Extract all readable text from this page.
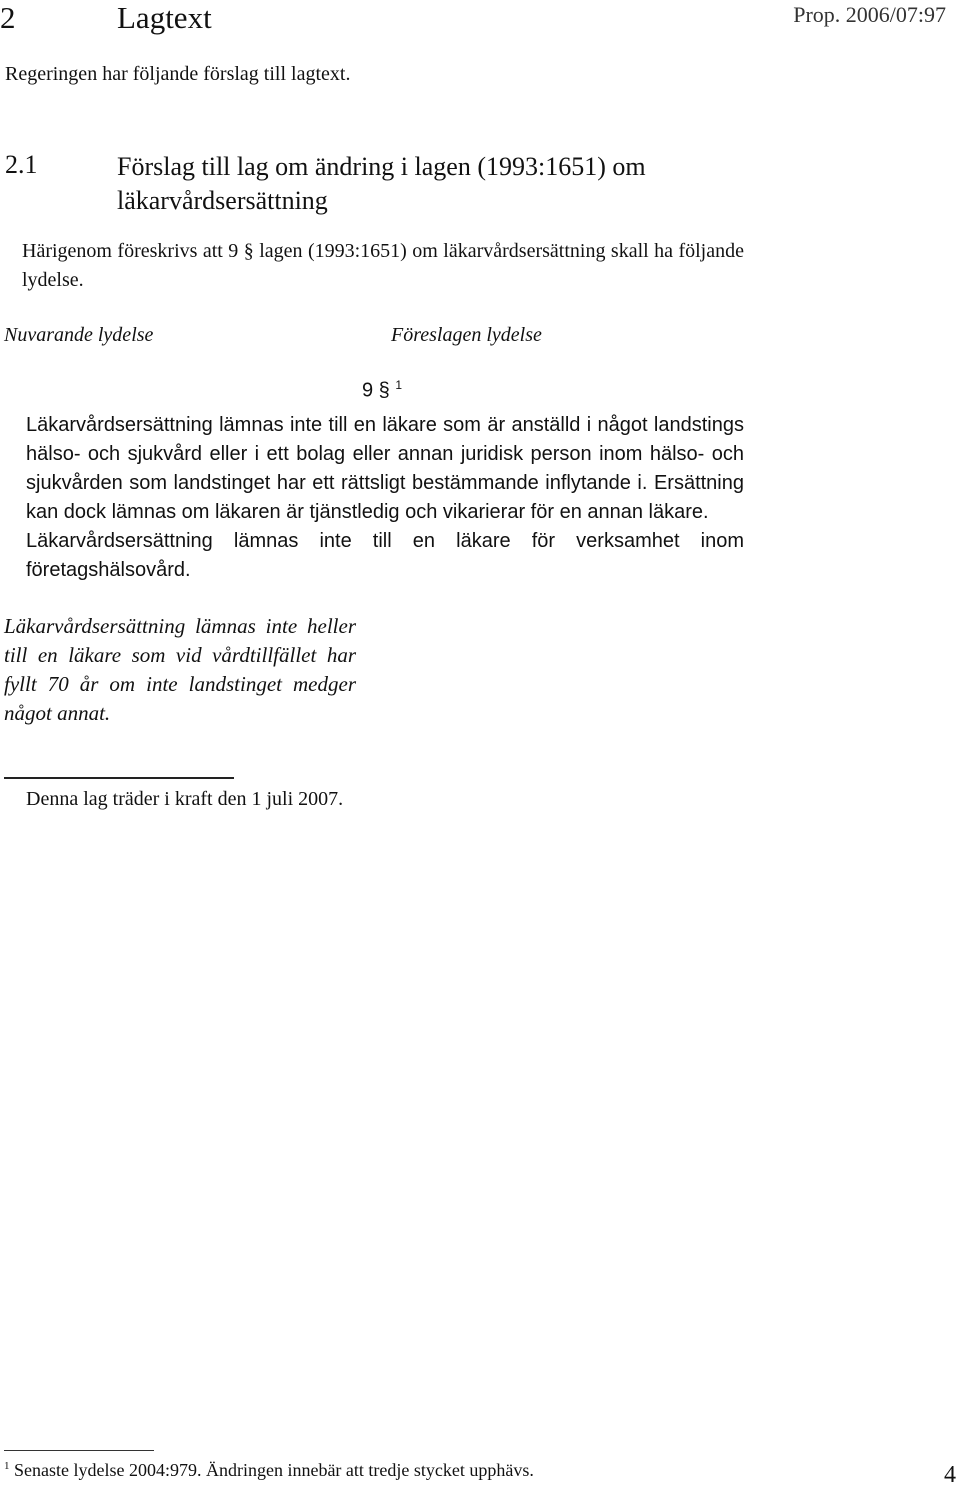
2	Lagtext	Prop. 2006/07:97
Regeringen har följande förslag till lagtext.
2.1	Förslag till lag om ändring i lagen (1993:1651) om läkarvårdsersättning
Härigenom föreskrivs att 9 § lagen (1993:1651) om läkarvårdsersättning skall ha följande lydelse.
Nuvarande lydelse	Föreslagen lydelse
9 § $^1$
Läkarvårdsersättning lämnas inte till en läkare som är anställd i något landstings hälso- och sjukvård eller i ett bolag eller annan juridisk person inom hälso- och sjukvården som landstinget har ett rättsligt bestämmande inflytande i. Ersättning kan dock lämnas om läkaren är tjänstledig och vikarierar för en annan läkare.
Läkarvårdsersättning lämnas inte till en läkare för verksamhet inom företagshälsovård.
Läkarvårdsersättning lämnas inte heller till en läkare som vid vårdtillfället har fyllt 70 år om inte landstinget medger något annat.
Denna lag träder i kraft den 1 juli 2007.
$^1$ Senaste lydelse 2004:979. Ändringen innebär att tredje stycket upphävs.	4
